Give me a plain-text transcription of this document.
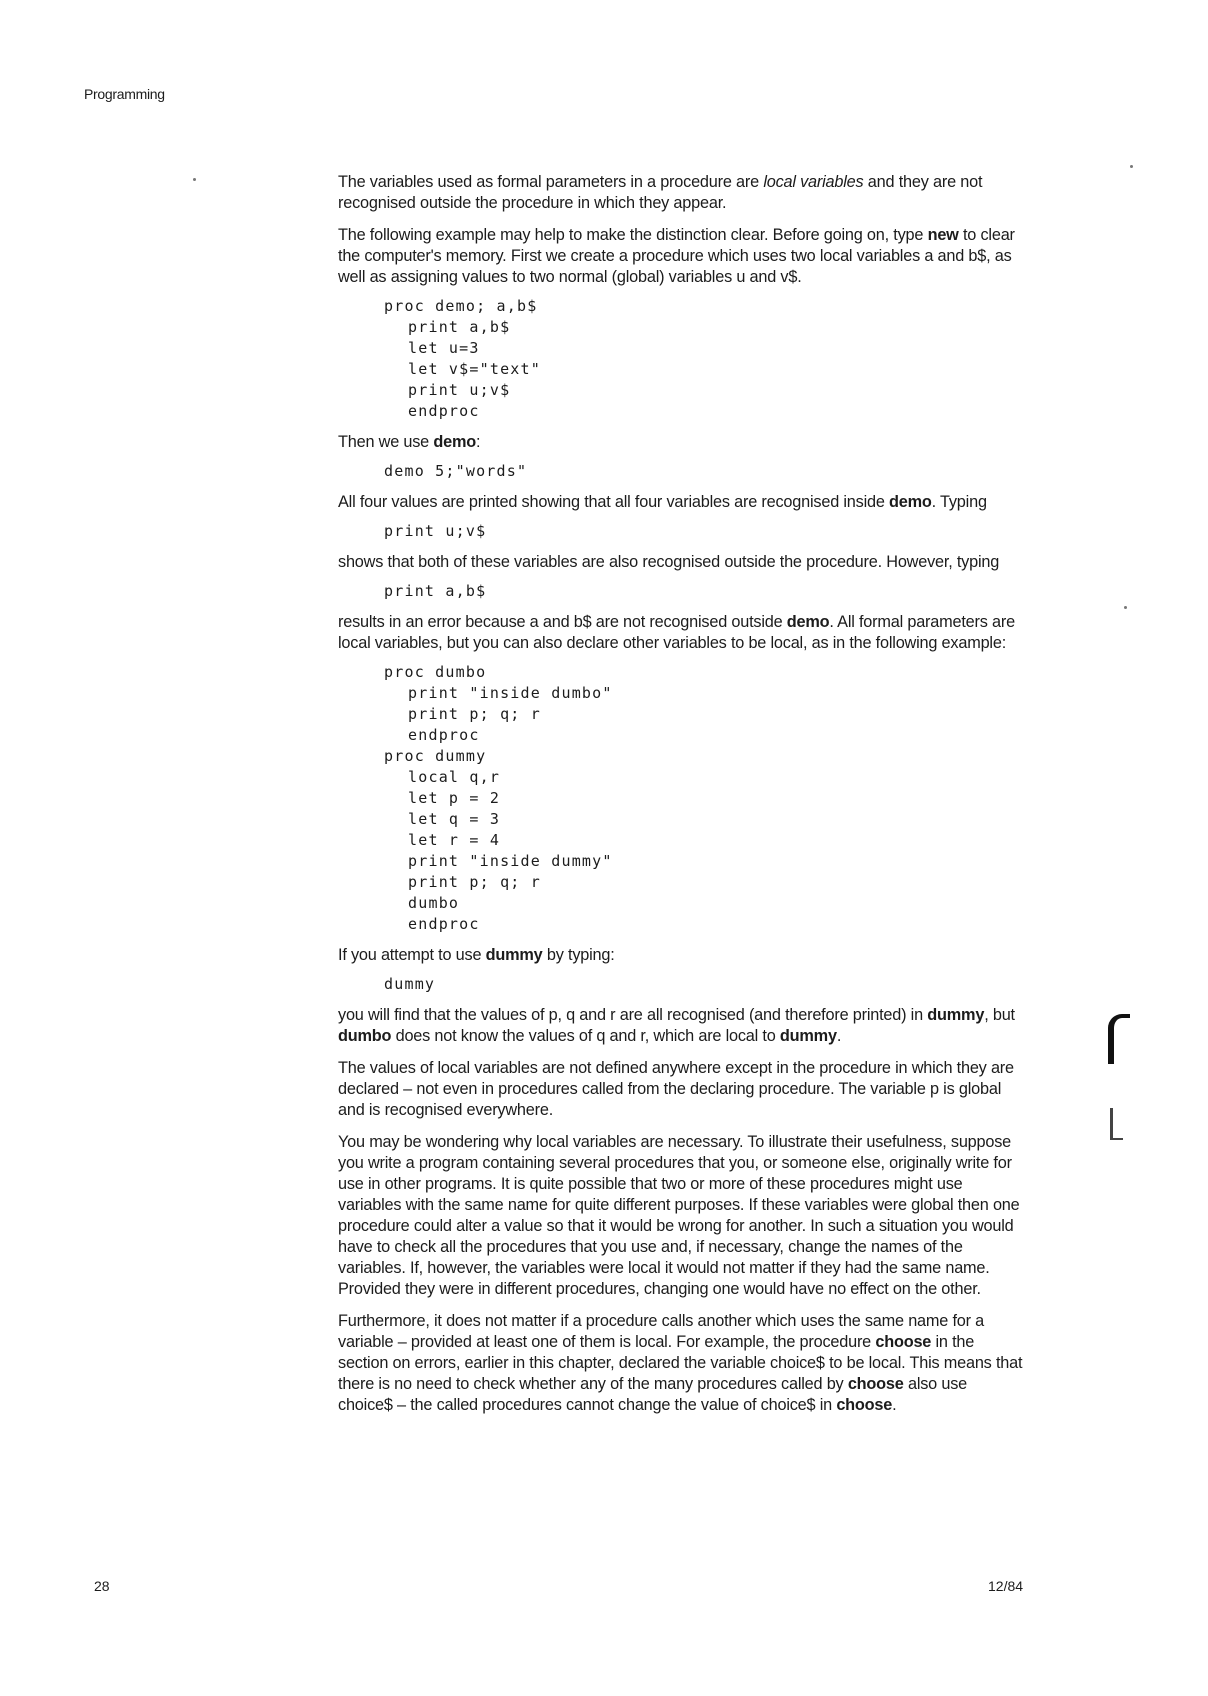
Programming

The variables used as formal parameters in a procedure are local variables and they are not recognised outside the procedure in which they appear.

The following example may help to make the distinction clear. Before going on, type new to clear the computer's memory. First we create a procedure which uses two local variables a and b$, as well as assigning values to two normal (global) variables u and v$.

proc demo; a,b$
print a,b$
let u=3
let v$="text"
print u;v$
endproc

Then we use demo:

demo 5;"words"

All four values are printed showing that all four variables are recognised inside demo. Typing

print u;v$

shows that both of these variables are also recognised outside the procedure. However, typing

print a,b$

results in an error because a and b$ are not recognised outside demo. All formal parameters are local variables, but you can also declare other variables to be local, as in the following example:

proc dumbo
print "inside dumbo"
print p; q; r
endproc
proc dummy
local q,r
let p = 2
let q = 3
let r = 4
print "inside dummy"
print p; q; r
dumbo
endproc

If you attempt to use dummy by typing:

dummy

you will find that the values of p, q and r are all recognised (and therefore printed) in dummy, but dumbo does not know the values of q and r, which are local to dummy.

The values of local variables are not defined anywhere except in the procedure in which they are declared – not even in procedures called from the declaring procedure. The variable p is global and is recognised everywhere.

You may be wondering why local variables are necessary. To illustrate their usefulness, suppose you write a program containing several procedures that you, or someone else, originally write for use in other programs. It is quite possible that two or more of these procedures might use variables with the same name for quite different purposes. If these variables were global then one procedure could alter a value so that it would be wrong for another. In such a situation you would have to check all the procedures that you use and, if necessary, change the names of the variables. If, however, the variables were local it would not matter if they had the same name. Provided they were in different procedures, changing one would have no effect on the other.

Furthermore, it does not matter if a procedure calls another which uses the same name for a variable – provided at least one of them is local. For example, the procedure choose in the section on errors, earlier in this chapter, declared the variable choice$ to be local. This means that there is no need to check whether any of the many procedures called by choose also use choice$ – the called procedures cannot change the value of choice$ in choose.

28	12/84
